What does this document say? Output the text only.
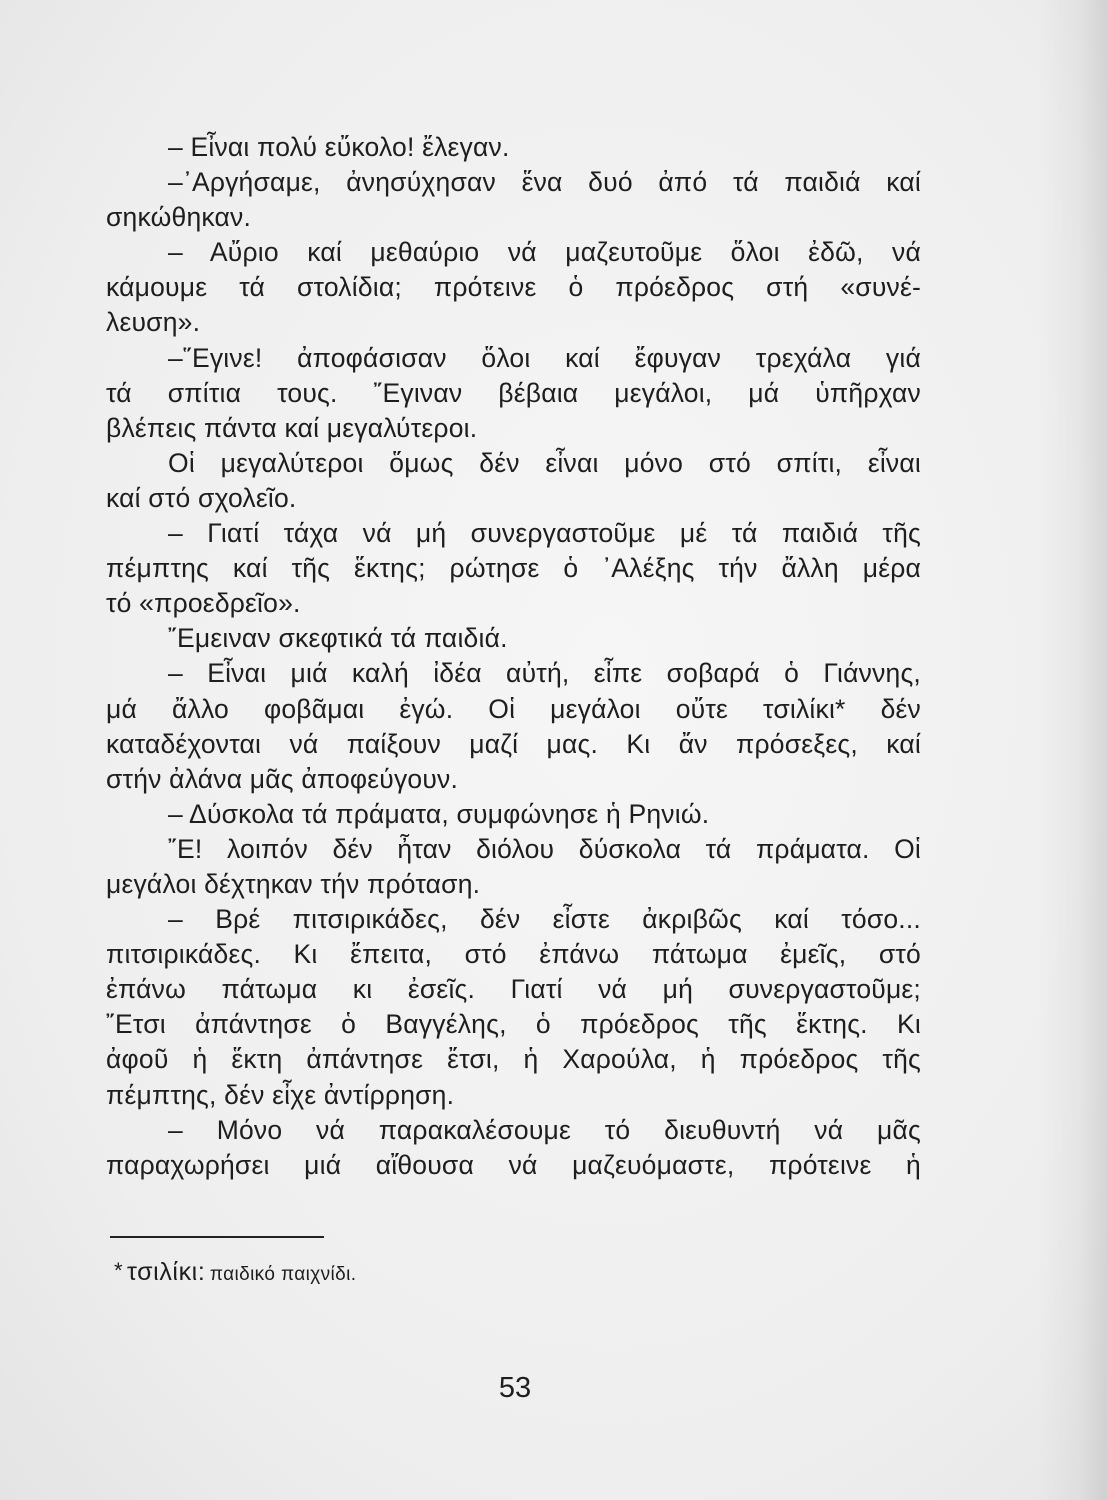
– Εἶναι πολύ εὔκολο! ἔλεγαν.
–᾿Αργήσαμε, ἀνησύχησαν ἕνα δυό ἀπό τά παιδιά καί
σηκώθηκαν.
– Αὔριο καί μεθαύριο νά μαζευτοῦμε ὅλοι ἐδῶ, νά
κάμουμε τά στολίδια; πρότεινε ὁ πρόεδρος στή «συνέ-
λευση».
–῞Εγινε! ἀποφάσισαν ὅλοι καί ἔφυγαν τρεχάλα γιά
τά σπίτια τους. ῎Εγιναν βέβαια μεγάλοι, μά ὑπῆρχαν
βλέπεις πάντα καί μεγαλύτεροι.
Οἱ μεγαλύτεροι ὅμως δέν εἶναι μόνο στό σπίτι, εἶναι
καί στό σχολεῖο.
– Γιατί τάχα νά μή συνεργαστοῦμε μέ τά παιδιά τῆς
πέμπτης καί τῆς ἕκτης; ρώτησε ὁ ᾿Αλέξης τήν ἄλλη μέρα
τό «προεδρεῖο».
῎Εμειναν σκεφτικά τά παιδιά.
– Εἶναι μιά καλή ἰδέα αὐτή, εἶπε σοβαρά ὁ Γιάννης,
μά ἄλλο φοβᾶμαι ἐγώ. Οἱ μεγάλοι οὔτε τσιλίκι* δέν
καταδέχονται νά παίξουν μαζί μας. Κι ἄν πρόσεξες, καί
στήν ἀλάνα μᾶς ἀποφεύγουν.
– Δύσκολα τά πράματα, συμφώνησε ἡ Ρηνιώ.
῎Ε! λοιπόν δέν ἦταν διόλου δύσκολα τά πράματα. Οἱ
μεγάλοι δέχτηκαν τήν πρόταση.
– Βρέ πιτσιρικάδες, δέν εἶστε ἀκριβῶς καί τόσο...
πιτσιρικάδες. Κι ἔπειτα, στό ἐπάνω πάτωμα ἐμεῖς, στό
ἐπάνω πάτωμα κι ἐσεῖς. Γιατί νά μή συνεργαστοῦμε;
῎Ετσι ἀπάντησε ὁ Βαγγέλης, ὁ πρόεδρος τῆς ἕκτης. Κι
ἀφοῦ ἡ ἕκτη ἀπάντησε ἔτσι, ἡ Χαρούλα, ἡ πρόεδρος τῆς
πέμπτης, δέν εἶχε ἀντίρρηση.
– Μόνο νά παρακαλέσουμε τό διευθυντή νά μᾶς
παραχωρήσει μιά αἴθουσα νά μαζευόμαστε, πρότεινε ἡ
* τσιλίκι: παιδικό παιχνίδι.
53
